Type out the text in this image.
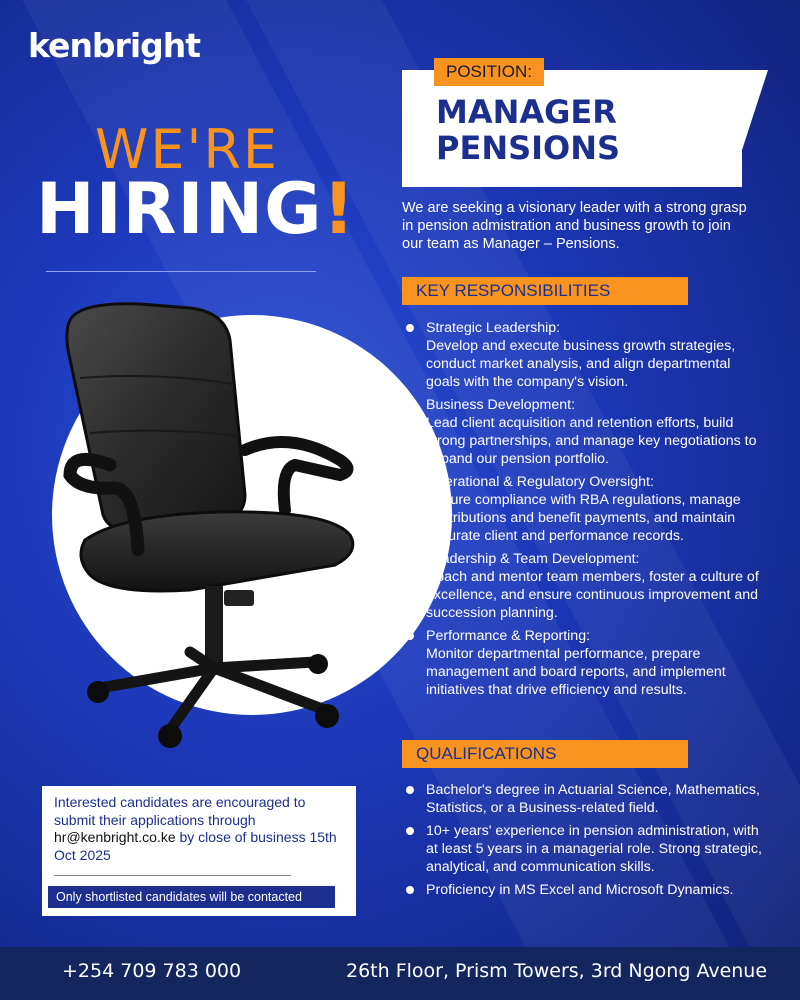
kenbright
WE'RE
HIRING!
POSITION:
MANAGER
PENSIONS
We are seeking a visionary leader with a strong grasp in pension admistration and business growth to join our team as Manager – Pensions.
KEY RESPONSIBILITIES
Strategic Leadership:
Develop and execute business growth strategies, conduct market analysis, and align departmental goals with the company's vision.
Business Development:
Lead client acquisition and retention efforts, build strong partnerships, and manage key negotiations to expand our pension portfolio.
Operational & Regulatory Oversight:
Ensure compliance with RBA regulations, manage contributions and benefit payments, and maintain accurate client and performance records.
Leadership & Team Development:
Coach and mentor team members, foster a culture of excellence, and ensure continuous improvement and succession planning.
Performance & Reporting:
Monitor departmental performance, prepare management and board reports, and implement initiatives that drive efficiency and results.
QUALIFICATIONS
Bachelor's degree in Actuarial Science, Mathematics, Statistics, or a Business-related field.
10+ years' experience in pension administration, with at least 5 years in a managerial role. Strong strategic, analytical, and communication skills.
Proficiency in MS Excel and Microsoft Dynamics.
Interested candidates are encouraged to submit their applications through hr@kenbright.co.ke by close of business 15th Oct 2025
Only shortlisted candidates will be contacted
+254 709 783 000	26th Floor, Prism Towers, 3rd Ngong Avenue
